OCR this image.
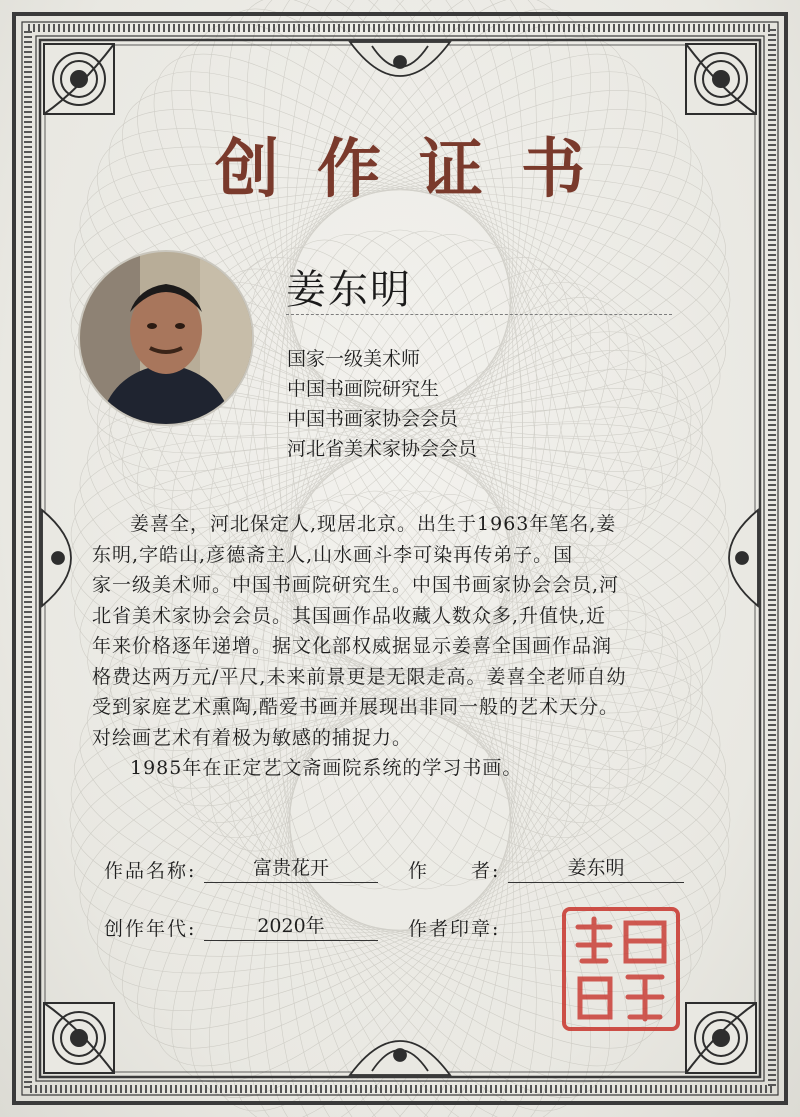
创作证书
姜东明
国家一级美术师
中国书画院研究生
中国书画家协会会员
河北省美术家协会会员

姜喜全，河北保定人,现居北京。出生于1963年笔名,姜

东明,字皓山,彦德斋主人,山水画斗李可染再传弟子。国

家一级美术师。中国书画院研究生。中国书画家协会会员,河

北省美术家协会会员。其国画作品收藏人数众多,升值快,近

年来价格逐年递增。据文化部权威据显示姜喜全国画作品润

格费达两万元/平尺,未来前景更是无限走高。姜喜全老师自幼

受到家庭艺术熏陶,酷爱书画并展现出非同一般的艺术天分。

对绘画艺术有着极为敏感的捕捉力。

1985年在正定艺文斋画院系统的学习书画。

作品名称:	富贵花开	作　　者:	姜东明
创作年代:	2020年	作者印章:
